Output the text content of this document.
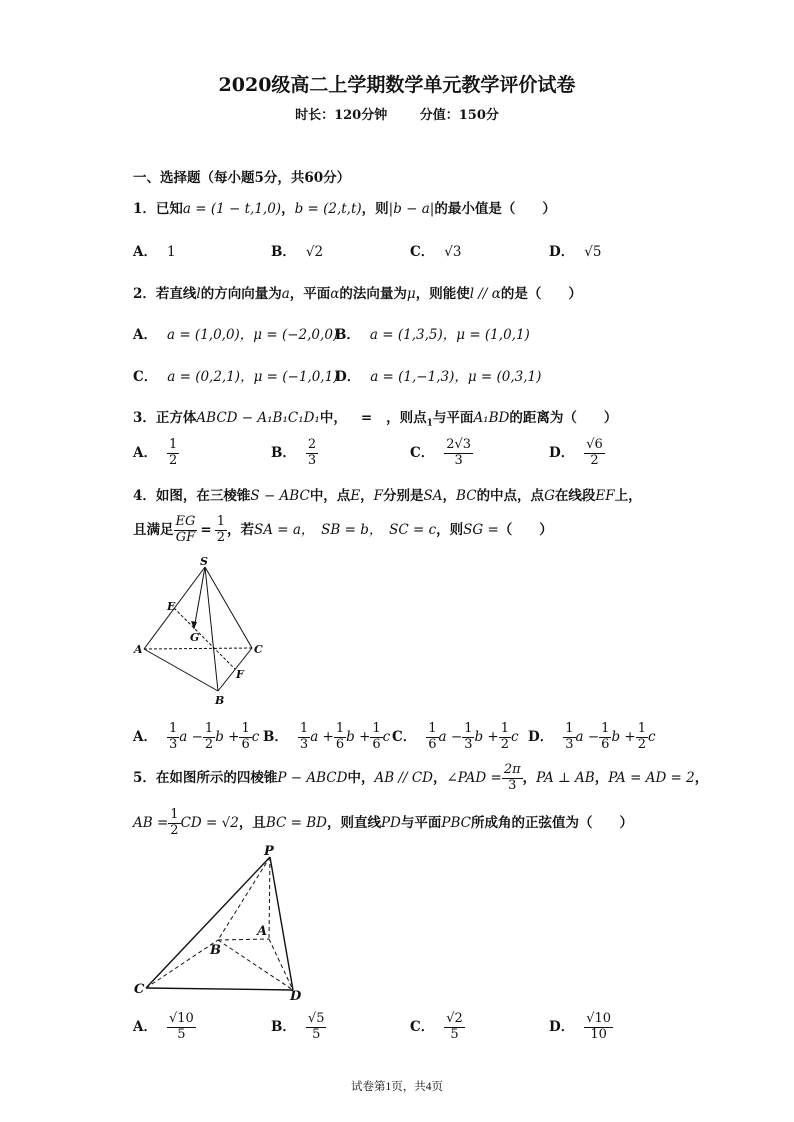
2020级高二上学期数学单元教学评价试卷
时长：120分钟	分值：150分
一、选择题（每小题5分，共60分）
1．已知a = (1 − t,1,0)，b = (2,t,t)，则|b − a|的最小值是（　　）
A． 1	B． √2	C． √3	D． √5
2．若直线l的方向向量为a，平面α的法向量为μ，则能使l // α的是（　　）
A． a = (1,0,0)，μ = (−2,0,0)
B． a = (1,3,5)，μ = (1,0,1)
C． a = (0,2,1)，μ = (−1,0,1)
D． a = (1,−1,3)，μ = (0,3,1)
3．正方体ABCD − A₁B₁C₁D₁中， = ，则点$_1$与平面A₁BD的距离为（　　）
A． $\frac{1}{2}$	B． $\frac{2}{3}$	C． $\frac{2√3}{3}$	D． $\frac{√6}{2}$
4．如图，在三棱锥S − ABC中，点E，F分别是SA，BC的中点，点G在线段EF上，
且满足 $\frac{EG}{GF} = \frac{1}{2}$ ，若SA = a，　SB = b，　SC = c，则SG =（　　）
S
E
G
A	C
F
B
A． $\frac{1}{3}$ $a - \frac{1}{2}$ $b + \frac{1}{6}$ c B． $\frac{1}{3}$ $a + \frac{1}{6}$ $b + \frac{1}{6}$ c C． $\frac{1}{6}$ $a - \frac{1}{3}$ $b + \frac{1}{2}$ c D． $\frac{1}{3}$ $a - \frac{1}{6}$ $b + \frac{1}{2}$ c
5．在如图所示的四棱锥P − ABCD中，AB // CD，∠PAD = $\frac{2\pi}{3}$ ，PA ⊥ AB，PA = AD = 2，
AB = $\frac{1}{2}$ CD = √2，且BC = BD，则直线PD与平面PBC所成角的正弦值为（　　）
P
A
B
C	D
A． $\frac{√10}{5}$	B． $\frac{√5}{5}$	C． $\frac{√2}{5}$	D． $\frac{√10}{10}$
试卷第1页，共4页
